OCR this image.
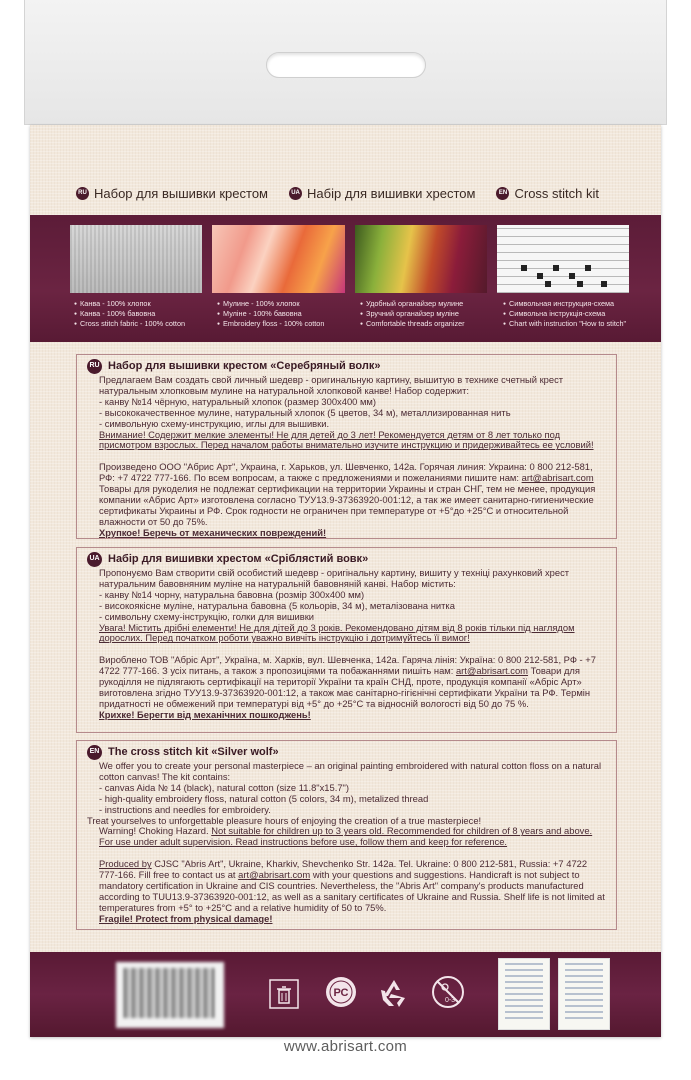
RU Набор для вышивки крестом	UA Набір для вишивки хрестом	EN Cross stitch kit
● Канва - 100% хлопок
● Канва - 100% бавовна
● Cross stitch fabric - 100% cotton
● Мулине - 100% хлопок
● Мулiне - 100% бавовна
● Embroidery floss - 100% cotton
● Удобный органайзер мулине
● Зручний органайзер мулiне
● Comfortable threads organizer
● Символьная инструкция-схема
● Символьна iнструкцiя-схема
● Chart with instruction "How to stitch"
RU Набор для вышивки крестом «Серебряный волк»

Предлагаем Вам создать свой личный шедевр - оригинальную картину, вышитую в технике счетный крест натуральным хлопковым мулине на натуральной хлопковой канве! Набор содержит:

- канву №14 чёрную, натуральный хлопок (размер 300х400 мм)

- высококачественное мулине, натуральный хлопок (5 цветов, 34 м), металлизированная нить

- символьную схему-инструкцию, иглы для вышивки.

Внимание! Содержит мелкие элементы! Не для детей до 3 лет! Рекомендуется детям от 8 лет только под присмотром взрослых. Перед началом работы внимательно изучите инструкцию и придерживайтесь ее условий!

Произведено ООО "Абрис Арт", Украина, г. Харьков, ул. Шевченко, 142а. Горячая линия: Украина: 0 800 212-581, РФ: +7 4722 777-166. По всем вопросам, а также с предложениями и пожеланиями пишите нам: art@abrisart.com Товары для рукоделия не подлежат сертификации на территории Украины и стран СНГ, тем не менее, продукция компании «Абрис Арт» изготовлена согласно ТУУ13.9-37363920-001:12, а так же имеет санитарно-гигиенические сертификаты Украины и РФ. Срок годности не ограничен при температуре от +5°до +25°С и относительной влажности от 50 до 75%.

Хрупкое! Беречь от механических повреждений!

UA Набір для вишивки хрестом «Сріблястий вовк»

Пропонуємо Вам створити свій особистий шедевр - оригінальну картину, вишиту у техніці рахунковий хрест натуральним бавовняним муліне на натуральній бавовняній канві. Набор містить:

- канву №14 чорну, натуральна бавовна (розмір 300х400 мм)

- високоякісне муліне, натуральна бавовна (5 кольорів, 34 м), металізована нитка

- символьну схему-інструкцію, голки для вишивки

Увага! Містить дрібні елементи! Не для дітей до 3 років. Рекомендовано дітям від 8 років тільки під наглядом дорослих. Перед початком роботи уважно вивчіть інструкцію і дотримуйтесь її вимог!

Вироблено ТОВ "Абріс Арт", Україна, м. Харків, вул. Шевченка, 142а. Гаряча лінія: Україна: 0 800 212-581, РФ - +7 4722 777-166. З усіх питань, а також з пропозиціями та побажаннями пишіть нам: art@abrisart.com Товари для рукоділля не підлягають сертифікації на території України та країн СНД, проте, продукція компанії «Абріс Арт» виготовлена згідно ТУУ13.9-37363920-001:12, а також має санітарно-гігієнічні сертифікати України та РФ. Термін придатності не обмежений при температурі від +5° до +25°С та відносній вологості від 50 до 75 %.

Крихке! Берегти від механічних пошкоджень!

EN The cross stitch kit «Silver wolf»

We offer you to create your personal masterpiece – an original painting embroidered with natural cotton floss on a natural cotton canvas! The kit contains:

- canvas Aida № 14 (black), natural cotton (size 11.8"x15.7")

- high-quality embroidery floss, natural cotton (5 colors, 34 m), metalized thread

- instructions and needles for embroidery.

Treat yourselves to unforgettable pleasure hours of enjoying the creation of a true masterpiece!

Warning! Choking Hazard. Not suitable for children up to 3 years old. Recommended for children of 8 years and above. For use under adult supervision. Read instructions before use, follow them and keep for reference.

Produced by CJSC "Abris Art", Ukraine, Kharkiv, Shevchenko Str. 142a. Tel. Ukraine: 0 800 212-581, Russia: +7 4722 777-166. Fill free to contact us at art@abrisart.com with your questions and suggestions. Handicraft is not subject to mandatory certification in Ukraine and CIS countries. Nevertheless, the "Abris Art" company's products manufactured according to TUU13.9-37363920-001:12, as well as a sanitary certificates of Ukraine and Russia. Shelf life is not limited at temperatures from +5° to +25°C and a relative humidity of 50 to 75%.

Fragile! Protect from physical damage!

РС
0-3
www.abrisart.com
